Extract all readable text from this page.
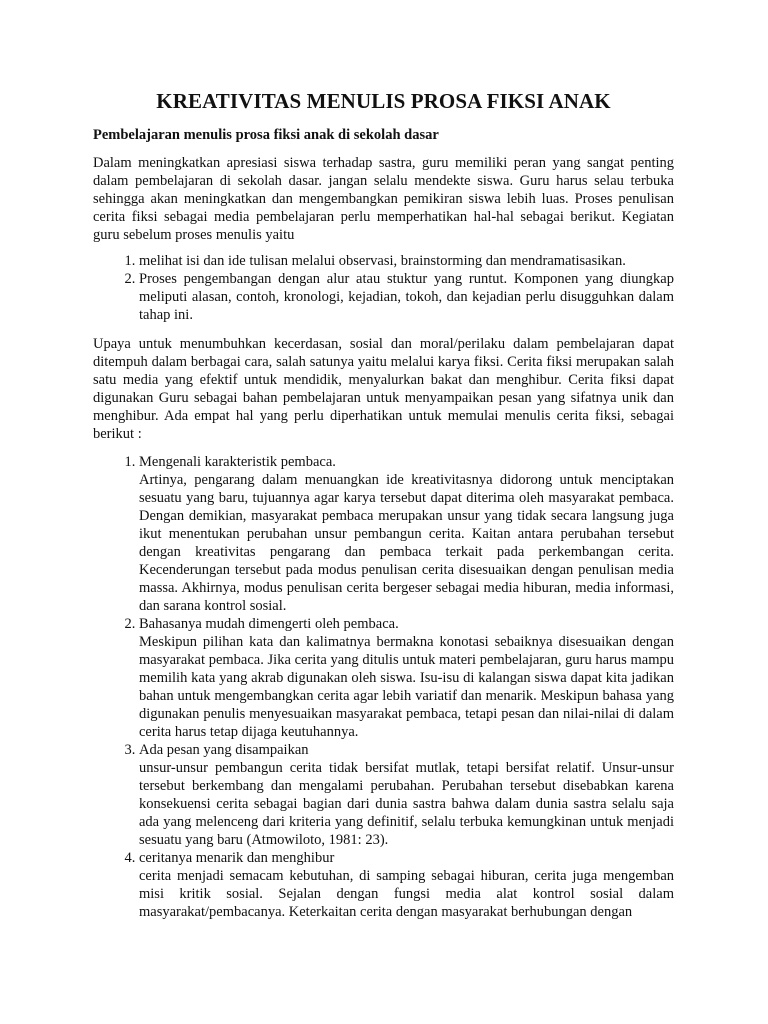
KREATIVITAS MENULIS PROSA FIKSI ANAK

Pembelajaran menulis prosa fiksi anak di sekolah dasar

Dalam meningkatkan apresiasi siswa terhadap sastra, guru memiliki peran yang sangat penting dalam pembelajaran di sekolah dasar. jangan selalu mendekte siswa. Guru harus selau terbuka sehingga akan meningkatkan dan mengembangkan pemikiran siswa lebih luas. Proses penulisan cerita fiksi sebagai media pembelajaran perlu memperhatikan hal-hal sebagai berikut. Kegiatan guru sebelum proses menulis yaitu

1. melihat isi dan ide tulisan melalui observasi, brainstorming dan mendramatisasikan.
2. Proses pengembangan dengan alur atau stuktur yang runtut. Komponen yang diungkap meliputi alasan, contoh, kronologi, kejadian, tokoh, dan kejadian perlu disugguhkan dalam tahap ini.

Upaya untuk menumbuhkan kecerdasan, sosial dan moral/perilaku dalam pembelajaran dapat ditempuh dalam berbagai cara, salah satunya yaitu melalui karya fiksi. Cerita fiksi merupakan salah satu media yang efektif untuk mendidik, menyalurkan bakat dan menghibur. Cerita fiksi dapat digunakan Guru sebagai bahan pembelajaran untuk menyampaikan pesan yang sifatnya unik dan menghibur. Ada empat hal yang perlu diperhatikan untuk memulai menulis cerita fiksi, sebagai berikut :

1. Mengenali karakteristik pembaca.
Artinya, pengarang dalam menuangkan ide kreativitasnya didorong untuk menciptakan sesuatu yang baru, tujuannya agar karya tersebut dapat diterima oleh masyarakat pembaca. Dengan demikian, masyarakat pembaca merupakan unsur yang tidak secara langsung juga ikut menentukan perubahan unsur pembangun cerita. Kaitan antara perubahan tersebut dengan kreativitas pengarang dan pembaca terkait pada perkembangan cerita. Kecenderungan tersebut pada modus penulisan cerita disesuaikan dengan penulisan media massa. Akhirnya, modus penulisan cerita bergeser sebagai media hiburan, media informasi, dan sarana kontrol sosial.
2. Bahasanya mudah dimengerti oleh pembaca.
Meskipun pilihan kata dan kalimatnya bermakna konotasi sebaiknya disesuaikan dengan masyarakat pembaca. Jika cerita yang ditulis untuk materi pembelajaran, guru harus mampu memilih kata yang akrab digunakan oleh siswa. Isu-isu di kalangan siswa dapat kita jadikan bahan untuk mengembangkan cerita agar lebih variatif dan menarik. Meskipun bahasa yang digunakan penulis menyesuaikan masyarakat pembaca, tetapi pesan dan nilai-nilai di dalam cerita harus tetap dijaga keutuhannya.
3. Ada pesan yang disampaikan
unsur-unsur pembangun cerita tidak bersifat mutlak, tetapi bersifat relatif. Unsur-unsur tersebut berkembang dan mengalami perubahan. Perubahan tersebut disebabkan karena konsekuensi cerita sebagai bagian dari dunia sastra bahwa dalam dunia sastra selalu saja ada yang melenceng dari kriteria yang definitif, selalu terbuka kemungkinan untuk menjadi sesuatu yang baru (Atmowiloto, 1981: 23).
4. ceritanya menarik dan menghibur
cerita menjadi semacam kebutuhan, di samping sebagai hiburan, cerita juga mengemban misi kritik sosial. Sejalan dengan fungsi media alat kontrol sosial dalam masyarakat/pembacanya. Keterkaitan cerita dengan masyarakat berhubungan dengan
